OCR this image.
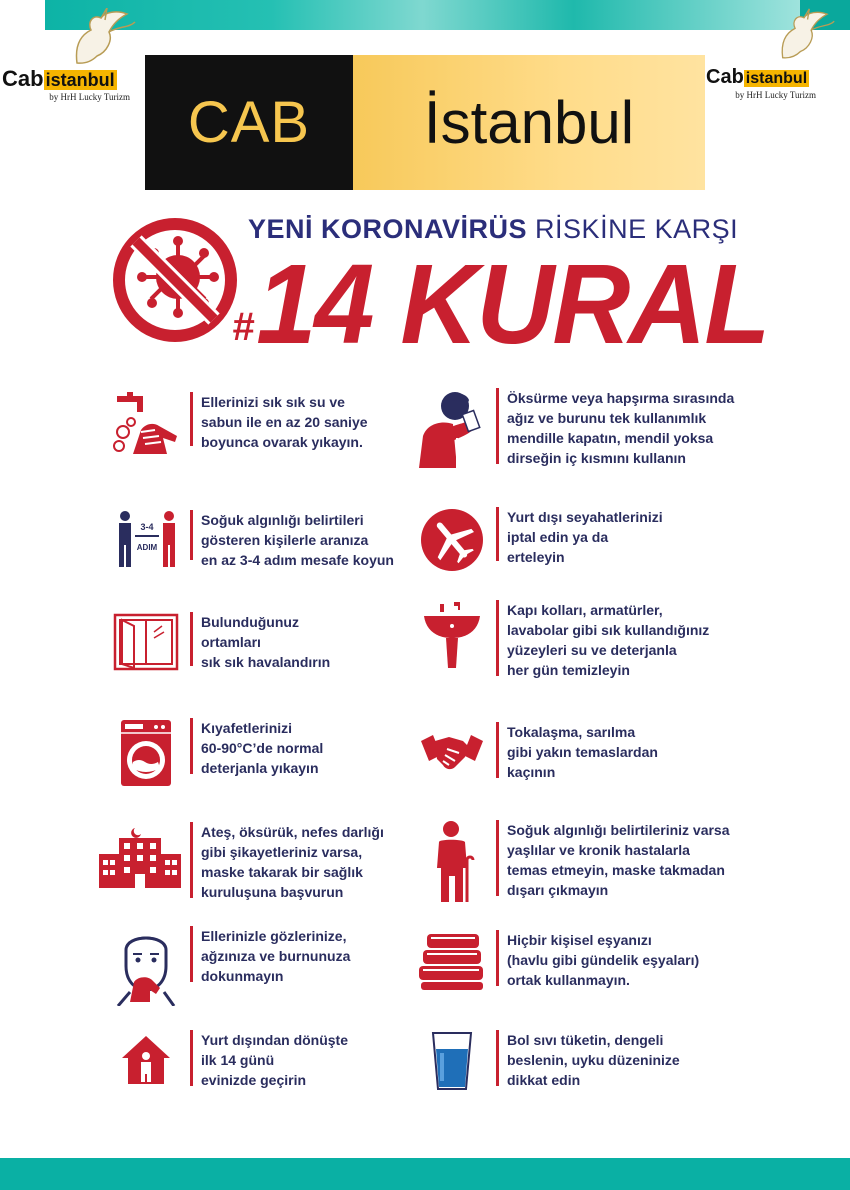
Cab istanbul
by HrH Lucky Turizm
Cab istanbul
by HrH Lucky Turizm
CAB	İstanbul
YENİ KORONAVİRÜS RİSKİNE KARŞI
# 14 KURAL
Ellerinizi sık sık su ve
sabun ile en az 20 saniye
boyunca ovarak yıkayın.
3-4
ADIM
Soğuk algınlığı belirtileri
gösteren kişilerle aranıza
en az 3-4 adım mesafe koyun
Bulunduğunuz
ortamları
sık sık havalandırın
Kıyafetlerinizi
60-90°C’de normal
deterjanla yıkayın
Ateş, öksürük, nefes darlığı
gibi şikayetleriniz varsa,
maske takarak bir sağlık
kuruluşuna başvurun
Ellerinizle gözlerinize,
ağzınıza ve burnunuza
dokunmayın
Yurt dışından dönüşte
ilk 14 günü
evinizde geçirin
Öksürme veya hapşırma sırasında
ağız ve burunu tek kullanımlık
mendille kapatın, mendil yoksa
dirseğin iç kısmını kullanın
Yurt dışı seyahatlerinizi
iptal edin ya da
erteleyin
Kapı kolları, armatürler,
lavabolar gibi sık kullandığınız
yüzeyleri su ve deterjanla
her gün temizleyin
Tokalaşma, sarılma
gibi yakın temaslardan
kaçının
Soğuk algınlığı belirtileriniz varsa
yaşlılar ve kronik hastalarla
temas etmeyin, maske takmadan
dışarı çıkmayın
Hiçbir kişisel eşyanızı
(havlu gibi gündelik eşyaları)
ortak kullanmayın.
Bol sıvı tüketin, dengeli
beslenin, uyku düzeninize
dikkat edin
